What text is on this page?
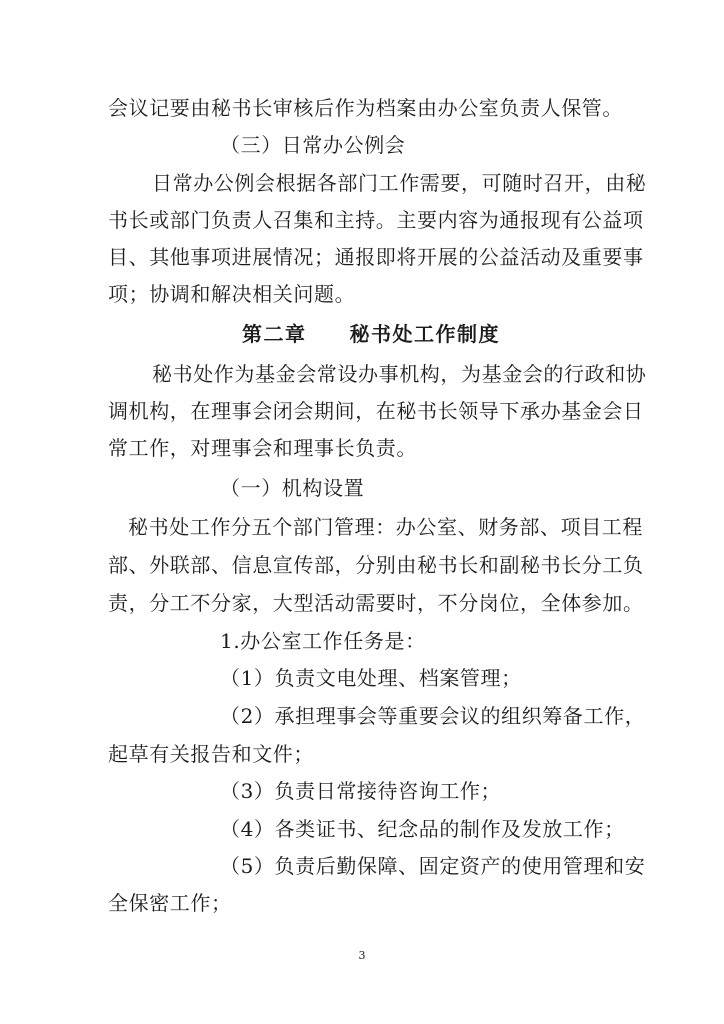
会议记要由秘书长审核后作为档案由办公室负责人保管。
（三）日常办公例会
日常办公例会根据各部门工作需要，可随时召开，由秘
书长或部门负责人召集和主持。主要内容为通报现有公益项
目、其他事项进展情况；通报即将开展的公益活动及重要事
项；协调和解决相关问题。
第二章　　秘书处工作制度
秘书处作为基金会常设办事机构，为基金会的行政和协
调机构，在理事会闭会期间，在秘书长领导下承办基金会日
常工作，对理事会和理事长负责。
（一）机构设置
秘书处工作分五个部门管理：办公室、财务部、项目工程
部、外联部、信息宣传部，分别由秘书长和副秘书长分工负
责，分工不分家，大型活动需要时，不分岗位，全体参加。
1.办公室工作任务是：
（1）负责文电处理、档案管理；
（2）承担理事会等重要会议的组织筹备工作，
起草有关报告和文件；
（3）负责日常接待咨询工作；
（4）各类证书、纪念品的制作及发放工作；
（5）负责后勤保障、固定资产的使用管理和安
全保密工作；
3
